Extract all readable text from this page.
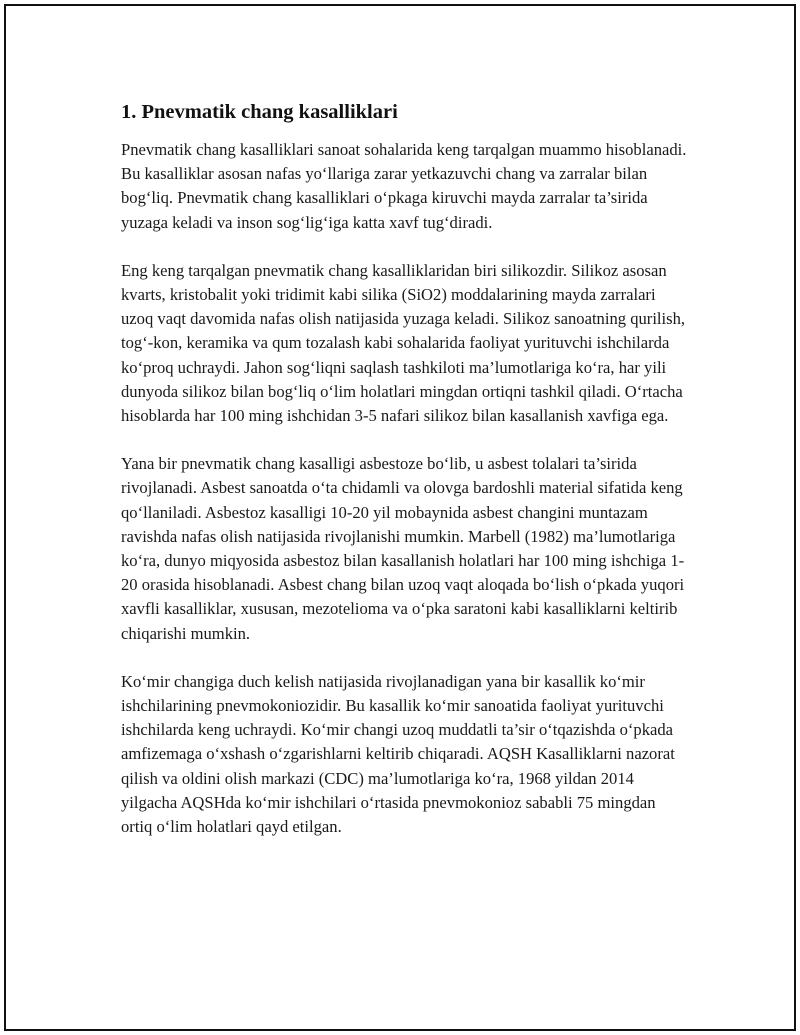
1. Pnevmatik chang kasalliklari

Pnevmatik chang kasalliklari sanoat sohalarida keng tarqalgan muammo hisoblanadi. Bu kasalliklar asosan nafas yo‘llariga zarar yetkazuvchi chang va zarralar bilan bog‘liq. Pnevmatik chang kasalliklari o‘pkaga kiruvchi mayda zarralar ta’sirida yuzaga keladi va inson sog‘lig‘iga katta xavf tug‘diradi.

Eng keng tarqalgan pnevmatik chang kasalliklaridan biri silikozdir. Silikoz asosan kvarts, kristobalit yoki tridimit kabi silika (SiO2) moddalarining mayda zarralari uzoq vaqt davomida nafas olish natijasida yuzaga keladi. Silikoz sanoatning qurilish, tog‘-kon, keramika va qum tozalash kabi sohalarida faoliyat yurituvchi ishchilarda ko‘proq uchraydi. Jahon sog‘liqni saqlash tashkiloti ma’lumotlariga ko‘ra, har yili dunyoda silikoz bilan bog‘liq o‘lim holatlari mingdan ortiqni tashkil qiladi. O‘rtacha hisoblarda har 100 ming ishchidan 3-5 nafari silikoz bilan kasallanish xavfiga ega.

Yana bir pnevmatik chang kasalligi asbestoze bo‘lib, u asbest tolalari ta’sirida rivojlanadi. Asbest sanoatda o‘ta chidamli va olovga bardoshli material sifatida keng qo‘llaniladi. Asbestoz kasalligi 10-20 yil mobaynida asbest changini muntazam ravishda nafas olish natijasida rivojlanishi mumkin. Marbell (1982) ma’lumotlariga ko‘ra, dunyo miqyosida asbestoz bilan kasallanish holatlari har 100 ming ishchiga 1-20 orasida hisoblanadi. Asbest chang bilan uzoq vaqt aloqada bo‘lish o‘pkada yuqori xavfli kasalliklar, xususan, mezotelioma va o‘pka saratoni kabi kasalliklarni keltirib chiqarishi mumkin.

Ko‘mir changiga duch kelish natijasida rivojlanadigan yana bir kasallik ko‘mir ishchilarining pnevmokoniozidir. Bu kasallik ko‘mir sanoatida faoliyat yurituvchi ishchilarda keng uchraydi. Ko‘mir changi uzoq muddatli ta’sir o‘tqazishda o‘pkada amfizemaga o‘xshash o‘zgarishlarni keltirib chiqaradi. AQSH Kasalliklarni nazorat qilish va oldini olish markazi (CDC) ma’lumotlariga ko‘ra, 1968 yildan 2014 yilgacha AQSHda ko‘mir ishchilari o‘rtasida pnevmokonioz sababli 75 mingdan ortiq o‘lim holatlari qayd etilgan.
